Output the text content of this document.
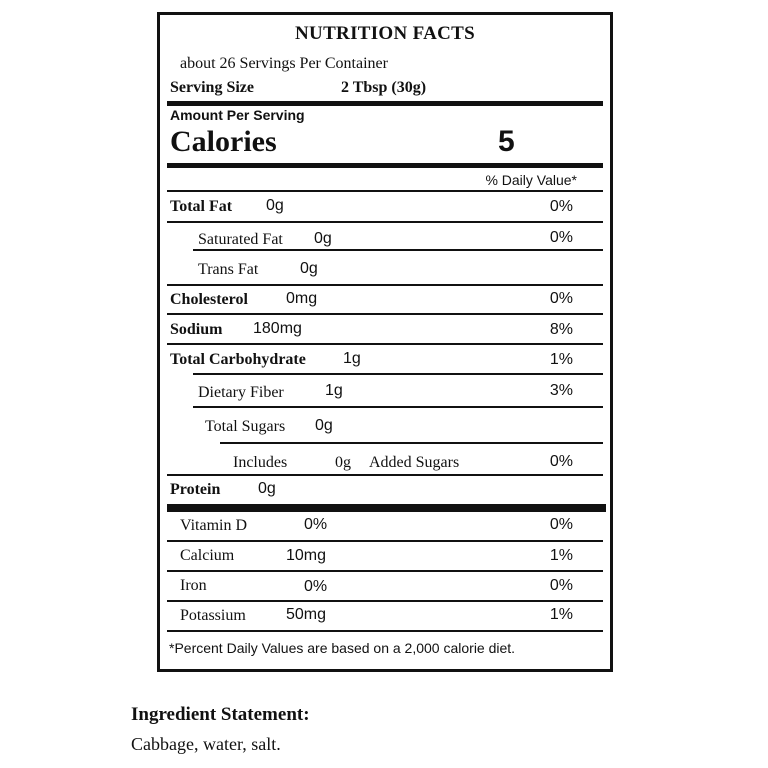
NUTRITION FACTS
about 26 Servings Per Container
Serving Size	2 Tbsp (30g)
Amount Per Serving
Calories	5
% Daily Value*
Total Fat 0g	0%
Saturated Fat 0g	0%
Trans Fat	0g
Cholesterol 0mg	0%
Sodium 180mg	8%
Total Carbohydrate 1g	1%
Dietary Fiber	1g	3%
Total Sugars 0g
Includes	0g Added Sugars	0%
Protein 0g
Vitamin D	0%	0%
Calcium	10mg	1%
Iron	0%	0%
Potassium	50mg	1%
*Percent Daily Values are based on a 2,000 calorie diet.
Ingredient Statement:
Cabbage, water, salt.
